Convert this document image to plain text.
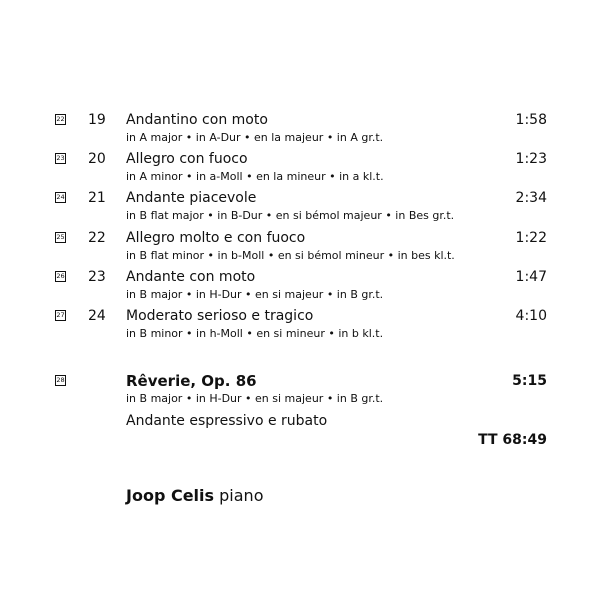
22 19 Andantino con moto	1:58
in A major • in A-Dur • en la majeur • in A gr.t.
23 20 Allegro con fuoco	1:23
in A minor • in a-Moll • en la mineur • in a kl.t.
24 21 Andante piacevole	2:34
in B flat major • in B-Dur • en si bémol majeur • in Bes gr.t.
25 22 Allegro molto e con fuoco	1:22
in B flat minor • in b-Moll • en si bémol mineur • in bes kl.t.
26 23 Andante con moto	1:47
in B major • in H-Dur • en si majeur • in B gr.t.
27 24 Moderato serioso e tragico	4:10
in B minor • in h-Moll • en si mineur • in b kl.t.
28	Rêverie, Op. 86	5:15
in B major • in H-Dur • en si majeur • in B gr.t.
Andante espressivo e rubato
TT 68:49
Joop Celis piano
